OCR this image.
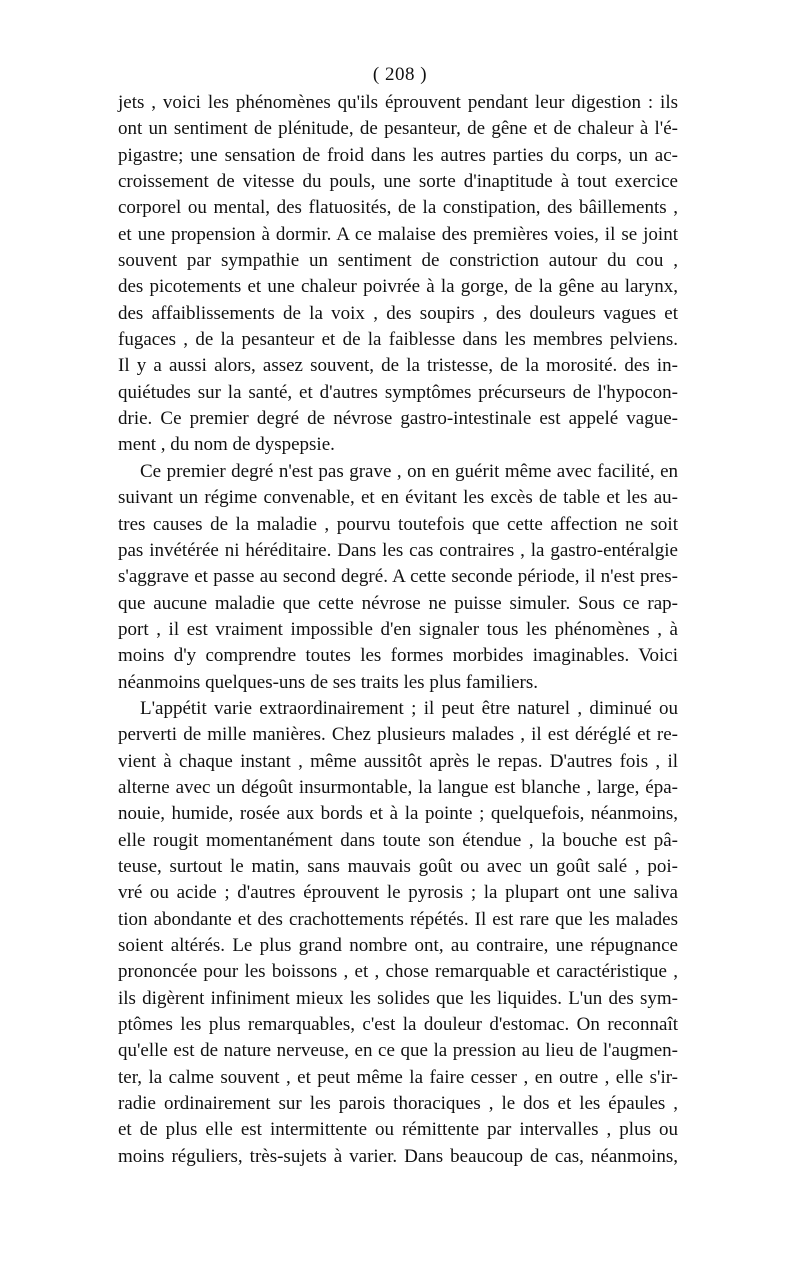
( 208 )
jets , voici les phénomènes qu'ils éprouvent pendant leur digestion : ils
ont un sentiment de plénitude, de pesanteur, de gêne et de chaleur à l'é-
pigastre; une sensation de froid dans les autres parties du corps, un ac-
croissement de vitesse du pouls, une sorte d'inaptitude à tout exercice
corporel ou mental, des flatuosités, de la constipation, des bâillements ,
et une propension à dormir. A ce malaise des premières voies, il se joint
souvent par sympathie un sentiment de constriction autour du cou ,
des picotements et une chaleur poivrée à la gorge, de la gêne au larynx,
des affaiblissements de la voix , des soupirs , des douleurs vagues et
fugaces , de la pesanteur et de la faiblesse dans les membres pelviens.
Il y a aussi alors, assez souvent, de la tristesse, de la morosité. des in-
quiétudes sur la santé, et d'autres symptômes précurseurs de l'hypocon-
drie. Ce premier degré de névrose gastro-intestinale est appelé vague-
ment , du nom de dyspepsie.
Ce premier degré n'est pas grave , on en guérit même avec facilité, en
suivant un régime convenable, et en évitant les excès de table et les au-
tres causes de la maladie , pourvu toutefois que cette affection ne soit
pas invétérée ni héréditaire. Dans les cas contraires , la gastro-entéralgie
s'aggrave et passe au second degré. A cette seconde période, il n'est pres-
que aucune maladie que cette névrose ne puisse simuler. Sous ce rap-
port , il est vraiment impossible d'en signaler tous les phénomènes , à
moins d'y comprendre toutes les formes morbides imaginables. Voici
néanmoins quelques-uns de ses traits les plus familiers.
L'appétit varie extraordinairement ; il peut être naturel , diminué ou
perverti de mille manières. Chez plusieurs malades , il est déréglé et re-
vient à chaque instant , même aussitôt après le repas. D'autres fois , il
alterne avec un dégoût insurmontable, la langue est blanche , large, épa-
nouie, humide, rosée aux bords et à la pointe ; quelquefois, néanmoins,
elle rougit momentanément dans toute son étendue , la bouche est pâ-
teuse, surtout le matin, sans mauvais goût ou avec un goût salé , poi-
vré ou acide ; d'autres éprouvent le pyrosis ; la plupart ont une saliva
tion abondante et des crachottements répétés. Il est rare que les malades
soient altérés. Le plus grand nombre ont, au contraire, une répugnance
prononcée pour les boissons , et , chose remarquable et caractéristique ,
ils digèrent infiniment mieux les solides que les liquides. L'un des sym-
ptômes les plus remarquables, c'est la douleur d'estomac. On reconnaît
qu'elle est de nature nerveuse, en ce que la pression au lieu de l'augmen-
ter, la calme souvent , et peut même la faire cesser , en outre , elle s'ir-
radie ordinairement sur les parois thoraciques , le dos et les épaules ,
et de plus elle est intermittente ou rémittente par intervalles , plus ou
moins réguliers, très-sujets à varier. Dans beaucoup de cas, néanmoins,
